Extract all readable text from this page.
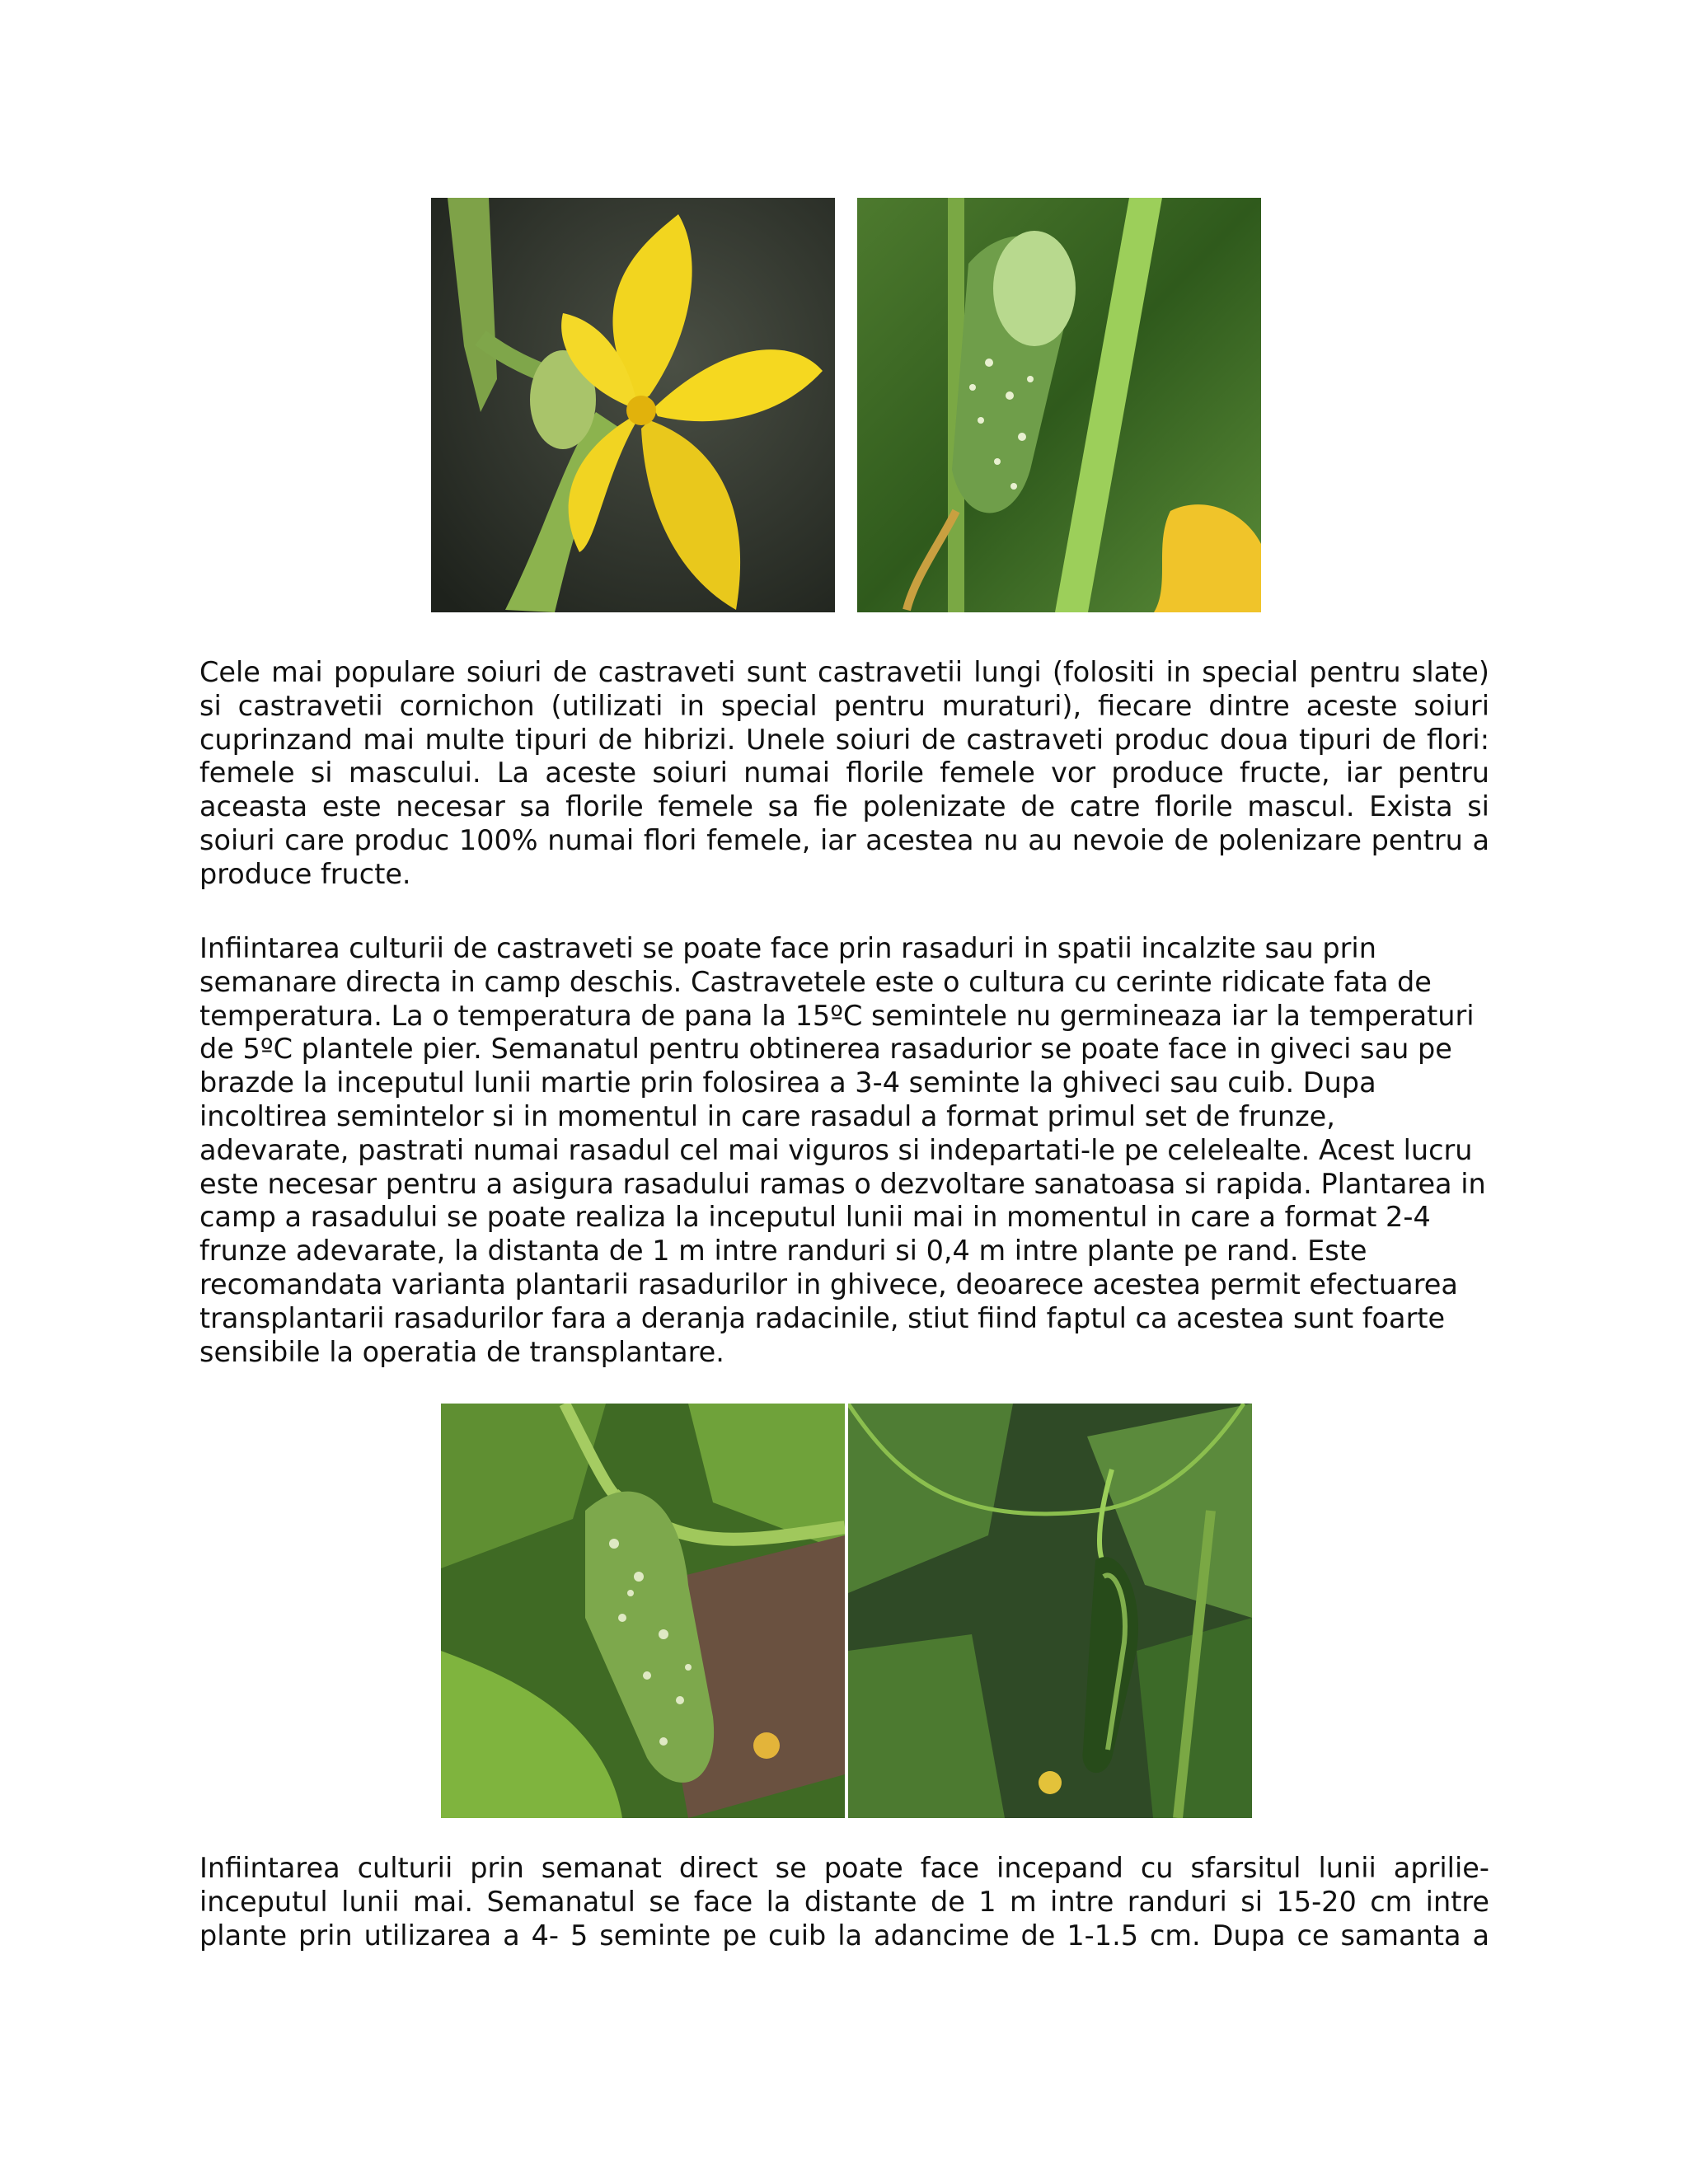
Cele mai populare soiuri de castraveti sunt castravetii lungi (folositi in special pentru slate) si castravetii cornichon (utilizati in special pentru muraturi), fiecare dintre aceste soiuri cuprinzand mai multe tipuri de hibrizi. Unele soiuri de castraveti produc doua tipuri de flori: femele si mascului. La aceste soiuri numai florile femele vor produce fructe, iar pentru aceasta este necesar sa florile femele sa fie polenizate de catre florile mascul. Exista si soiuri care produc 100% numai flori femele, iar acestea nu au nevoie de polenizare pentru a produce fructe.

Infiintarea culturii de castraveti se poate face prin rasaduri in spatii incalzite sau prin
semanare directa in camp deschis. Castravetele este o cultura cu cerinte ridicate fata de
temperatura. La o temperatura de pana la 15ºC semintele nu germineaza iar la temperaturi
de 5ºC plantele pier. Semanatul pentru obtinerea rasadurior se poate face in giveci sau pe
brazde la inceputul lunii martie prin folosirea a 3-4 seminte la ghiveci sau cuib. Dupa
incoltirea semintelor si in momentul in care rasadul a format primul set de frunze,
adevarate, pastrati numai rasadul cel mai viguros si indepartati-le pe celelealte. Acest lucru
este necesar pentru a asigura rasadului ramas o dezvoltare sanatoasa si rapida. Plantarea in
camp a rasadului se poate realiza la inceputul lunii mai in momentul in care a format 2-4
frunze adevarate, la distanta de 1 m intre randuri si 0,4 m intre plante pe rand. Este
recomandata varianta plantarii rasadurilor in ghivece, deoarece acestea permit efectuarea
transplantarii rasadurilor fara a deranja radacinile, stiut fiind faptul ca acestea sunt foarte
sensibile la operatia de transplantare.

Infiintarea culturii prin semanat direct se poate face incepand cu sfarsitul lunii aprilie-inceputul lunii mai. Semanatul se face la distante de 1 m intre randuri si 15-20 cm intre plante prin utilizarea a 4- 5 seminte pe cuib la adancime de 1-1.5 cm. Dupa ce samanta a
